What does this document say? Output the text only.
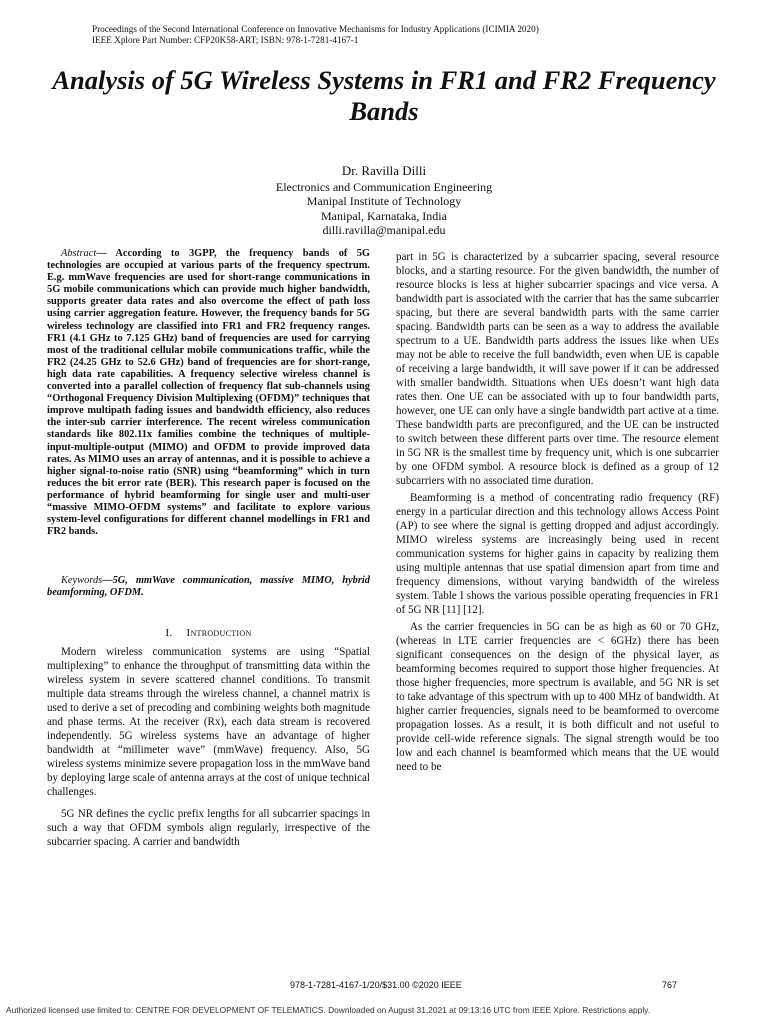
Proceedings of the Second International Conference on Innovative Mechanisms for Industry Applications (ICIMIA 2020)
IEEE Xplore Part Number: CFP20K58-ART; ISBN: 978-1-7281-4167-1
Analysis of 5G Wireless Systems in FR1 and FR2 Frequency Bands
Dr. Ravilla Dilli
Electronics and Communication Engineering
Manipal Institute of Technology
Manipal, Karnataka, India
dilli.ravilla@manipal.edu

Abstract— According to 3GPP, the frequency bands of 5G technologies are occupied at various parts of the frequency spectrum. E.g. mmWave frequencies are used for short-range communications in 5G mobile communications which can provide much higher bandwidth, supports greater data rates and also overcome the effect of path loss using carrier aggregation feature. However, the frequency bands for 5G wireless technology are classified into FR1 and FR2 frequency ranges. FR1 (4.1 GHz to 7.125 GHz) band of frequencies are used for carrying most of the traditional cellular mobile communications traffic, while the FR2 (24.25 GHz to 52.6 GHz) band of frequencies are for short-range, high data rate capabilities. A frequency selective wireless channel is converted into a parallel collection of frequency flat sub-channels using “Orthogonal Frequency Division Multiplexing (OFDM)” techniques that improve multipath fading issues and bandwidth efficiency, also reduces the inter-sub carrier interference. The recent wireless communication standards like 802.11x families combine the techniques of multiple-input-multiple-output (MIMO) and OFDM to provide improved data rates. As MIMO uses an array of antennas, and it is possible to achieve a higher signal-to-noise ratio (SNR) using “beamforming” which in turn reduces the bit error rate (BER). This research paper is focused on the performance of hybrid beamforming for single user and multi-user “massive MIMO-OFDM systems” and facilitate to explore various system-level configurations for different channel modellings in FR1 and FR2 bands.

Keywords—5G, mmWave communication, massive MIMO, hybrid beamforming, OFDM.

I. Introduction

Modern wireless communication systems are using “Spatial multiplexing” to enhance the throughput of transmitting data within the wireless system in severe scattered channel conditions. To transmit multiple data streams through the wireless channel, a channel matrix is used to derive a set of precoding and combining weights both magnitude and phase terms. At the receiver (Rx), each data stream is recovered independently. 5G wireless systems have an advantage of higher bandwidth at “millimeter wave” (mmWave) frequency. Also, 5G wireless systems minimize severe propagation loss in the mmWave band by deploying large scale of antenna arrays at the cost of unique technical challenges.

5G NR defines the cyclic prefix lengths for all subcarrier spacings in such a way that OFDM symbols align regularly, irrespective of the subcarrier spacing. A carrier and bandwidth

part in 5G is characterized by a subcarrier spacing, several resource blocks, and a starting resource. For the given bandwidth, the number of resource blocks is less at higher subcarrier spacings and vice versa. A bandwidth part is associated with the carrier that has the same subcarrier spacing, but there are several bandwidth parts with the same carrier spacing. Bandwidth parts can be seen as a way to address the available spectrum to a UE. Bandwidth parts address the issues like when UEs may not be able to receive the full bandwidth, even when UE is capable of receiving a large bandwidth, it will save power if it can be addressed with smaller bandwidth. Situations when UEs doesn’t want high data rates then. One UE can be associated with up to four bandwidth parts, however, one UE can only have a single bandwidth part active at a time. These bandwidth parts are preconfigured, and the UE can be instructed to switch between these different parts over time. The resource element in 5G NR is the smallest time by frequency unit, which is one subcarrier by one OFDM symbol. A resource block is defined as a group of 12 subcarriers with no associated time duration.

Beamforming is a method of concentrating radio frequency (RF) energy in a particular direction and this technology allows Access Point (AP) to see where the signal is getting dropped and adjust accordingly. MIMO wireless systems are increasingly being used in recent communication systems for higher gains in capacity by realizing them using multiple antennas that use spatial dimension apart from time and frequency dimensions, without varying bandwidth of the wireless system. Table I shows the various possible operating frequencies in FR1 of 5G NR [11] [12].

As the carrier frequencies in 5G can be as high as 60 or 70 GHz, (whereas in LTE carrier frequencies are < 6GHz) there has been significant consequences on the design of the physical layer, as beamforming becomes required to support those higher frequencies. At those higher frequencies, more spectrum is available, and 5G NR is set to take advantage of this spectrum with up to 400 MHz of bandwidth. At higher carrier frequencies, signals need to be beamformed to overcome propagation losses. As a result, it is both difficult and not useful to provide cell-wide reference signals. The signal strength would be too low and each channel is beamformed which means that the UE would need to be

978-1-7281-4167-1/20/$31.00 ©2020 IEEE	767
Authorized licensed use limited to: CENTRE FOR DEVELOPMENT OF TELEMATICS. Downloaded on August 31,2021 at 09:13:16 UTC from IEEE Xplore. Restrictions apply.
